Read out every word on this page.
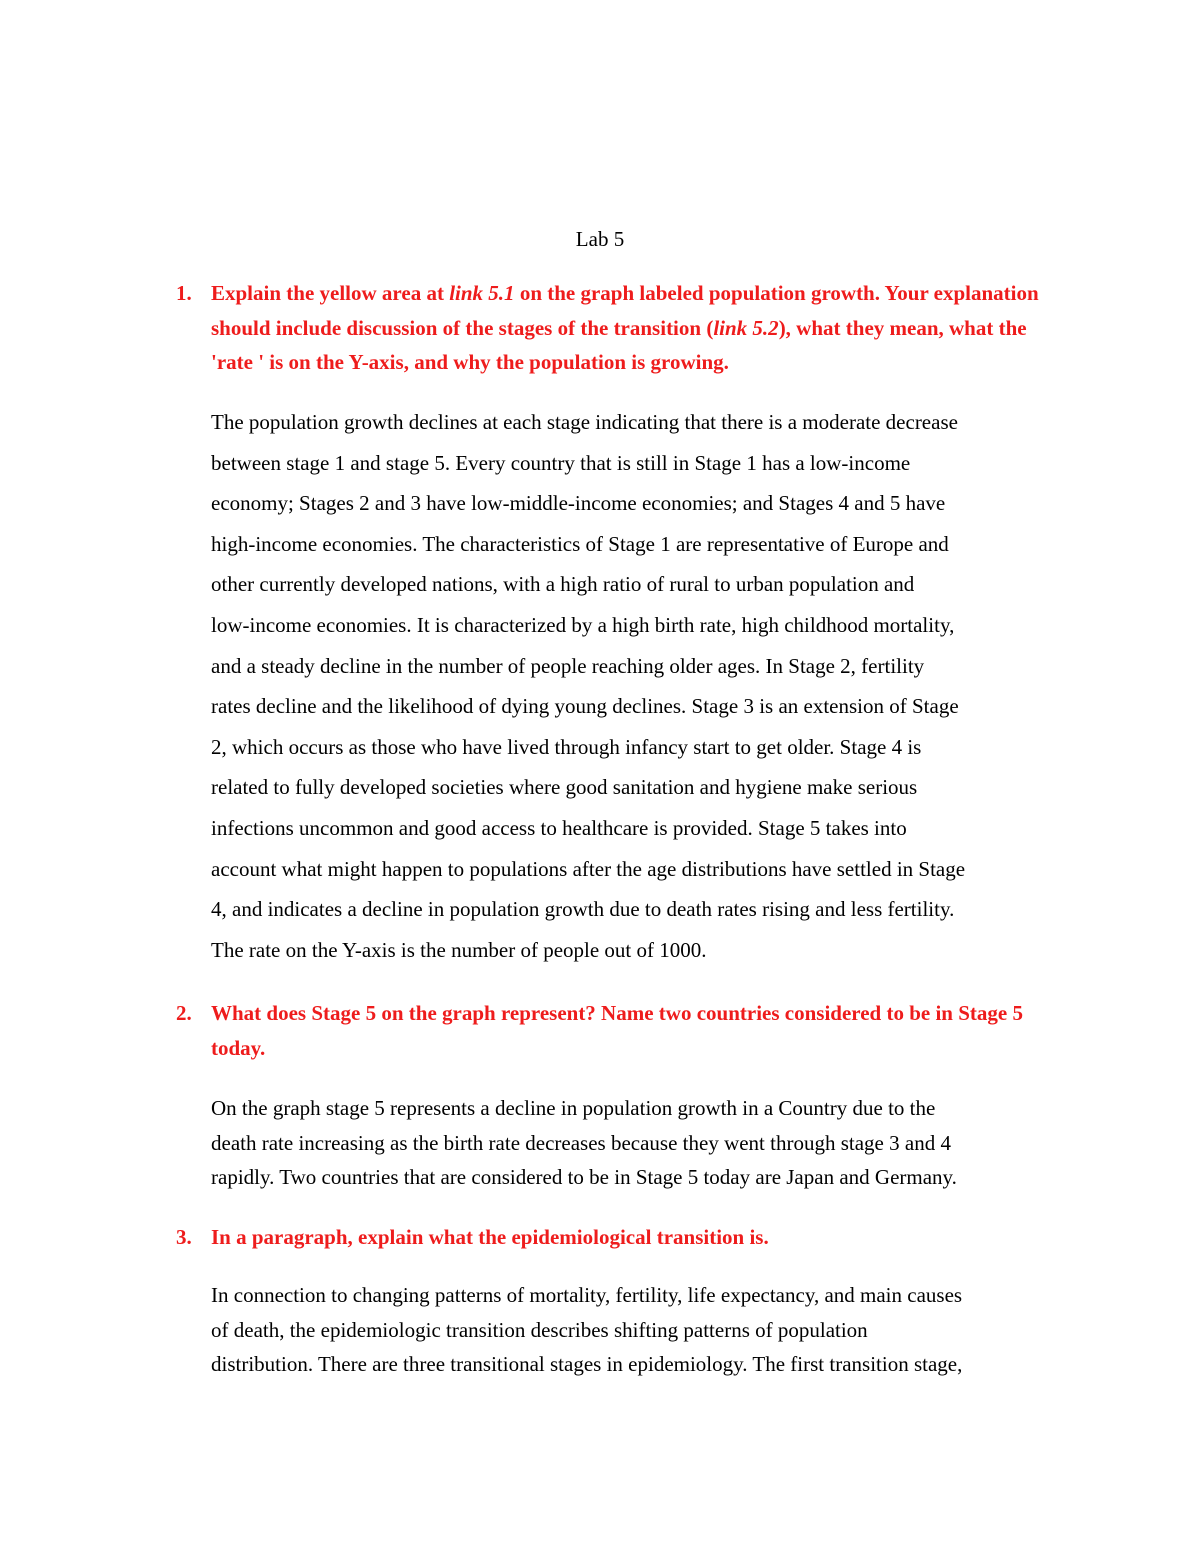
Lab 5
1. Explain the yellow area at link 5.1 on the graph labeled population growth. Your explanation should include discussion of the stages of the transition (link 5.2), what they mean, what the 'rate ' is on the Y-axis, and why the population is growing.
The population growth declines at each stage indicating that there is a moderate decrease
between stage 1 and stage 5. Every country that is still in Stage 1 has a low-income
economy; Stages 2 and 3 have low-middle-income economies; and Stages 4 and 5 have
high-income economies. The characteristics of Stage 1 are representative of Europe and
other currently developed nations, with a high ratio of rural to urban population and
low-income economies. It is characterized by a high birth rate, high childhood mortality,
and a steady decline in the number of people reaching older ages. In Stage 2, fertility
rates decline and the likelihood of dying young declines. Stage 3 is an extension of Stage
2, which occurs as those who have lived through infancy start to get older. Stage 4 is
related to fully developed societies where good sanitation and hygiene make serious
infections uncommon and good access to healthcare is provided. Stage 5 takes into
account what might happen to populations after the age distributions have settled in Stage
4, and indicates a decline in population growth due to death rates rising and less fertility.
The rate on the Y-axis is the number of people out of 1000.
2. What does Stage 5 on the graph represent? Name two countries considered to be in Stage 5 today.
On the graph stage 5 represents a decline in population growth in a Country due to the
death rate increasing as the birth rate decreases because they went through stage 3 and 4
rapidly. Two countries that are considered to be in Stage 5 today are Japan and Germany.
3. In a paragraph, explain what the epidemiological transition is.
In connection to changing patterns of mortality, fertility, life expectancy, and main causes
of death, the epidemiologic transition describes shifting patterns of population
distribution. There are three transitional stages in epidemiology. The first transition stage,
